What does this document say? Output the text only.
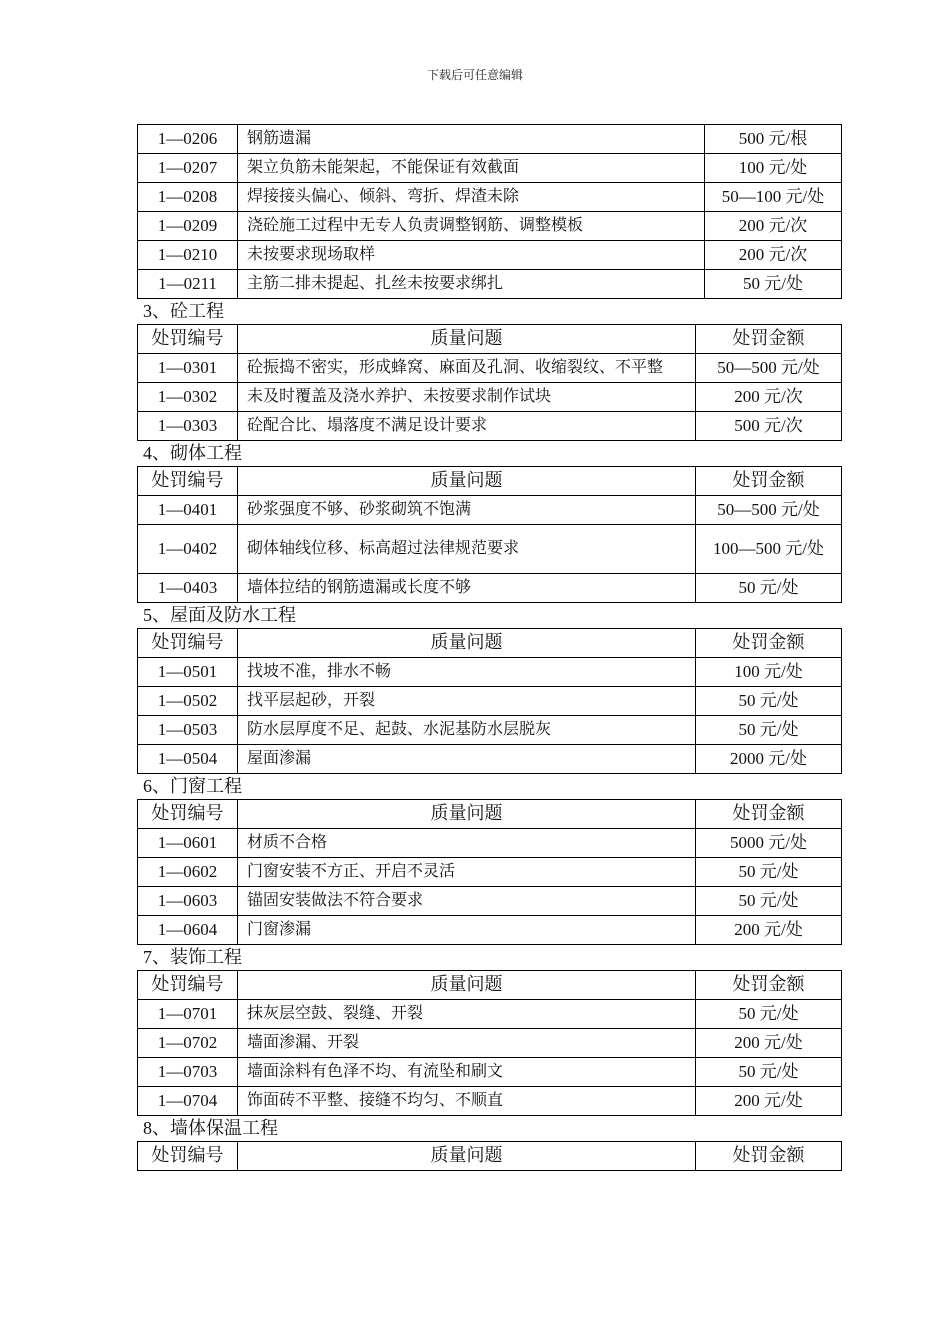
下载后可任意编辑
1—0206	钢筋遗漏	500 元/根
1—0207	架立负筋未能架起，不能保证有效截面	100 元/处
1—0208	焊接接头偏心、倾斜、弯折、焊渣未除	50—100 元/处
1—0209	浇砼施工过程中无专人负责调整钢筋、调整模板	200 元/次
1—0210	未按要求现场取样	200 元/次
1—0211	主筋二排未提起、扎丝未按要求绑扎	50 元/处
3、砼工程
处罚编号	质量问题	处罚金额
1—0301	砼振捣不密实，形成蜂窝、麻面及孔洞、收缩裂纹、不平整	50—500 元/处
1—0302	未及时覆盖及浇水养护、未按要求制作试块	200 元/次
1—0303	砼配合比、塌落度不满足设计要求	500 元/次
4、砌体工程
处罚编号	质量问题	处罚金额
1—0401	砂浆强度不够、砂浆砌筑不饱满	50—500 元/处
1—0402	砌体轴线位移、标高超过法律规范要求	100—500 元/处
1—0403	墙体拉结的钢筋遗漏或长度不够	50 元/处
5、屋面及防水工程
处罚编号	质量问题	处罚金额
1—0501	找坡不准，排水不畅	100 元/处
1—0502	找平层起砂，开裂	50 元/处
1—0503	防水层厚度不足、起鼓、水泥基防水层脱灰	50 元/处
1—0504	屋面渗漏	2000 元/处
6、门窗工程
处罚编号	质量问题	处罚金额
1—0601	材质不合格	5000 元/处
1—0602	门窗安装不方正、开启不灵活	50 元/处
1—0603	锚固安装做法不符合要求	50 元/处
1—0604	门窗渗漏	200 元/处
7、装饰工程
处罚编号	质量问题	处罚金额
1—0701	抹灰层空鼓、裂缝、开裂	50 元/处
1—0702	墙面渗漏、开裂	200 元/处
1—0703	墙面涂料有色泽不均、有流坠和刷文	50 元/处
1—0704	饰面砖不平整、接缝不均匀、不顺直	200 元/处
8、墙体保温工程
处罚编号	质量问题	处罚金额
